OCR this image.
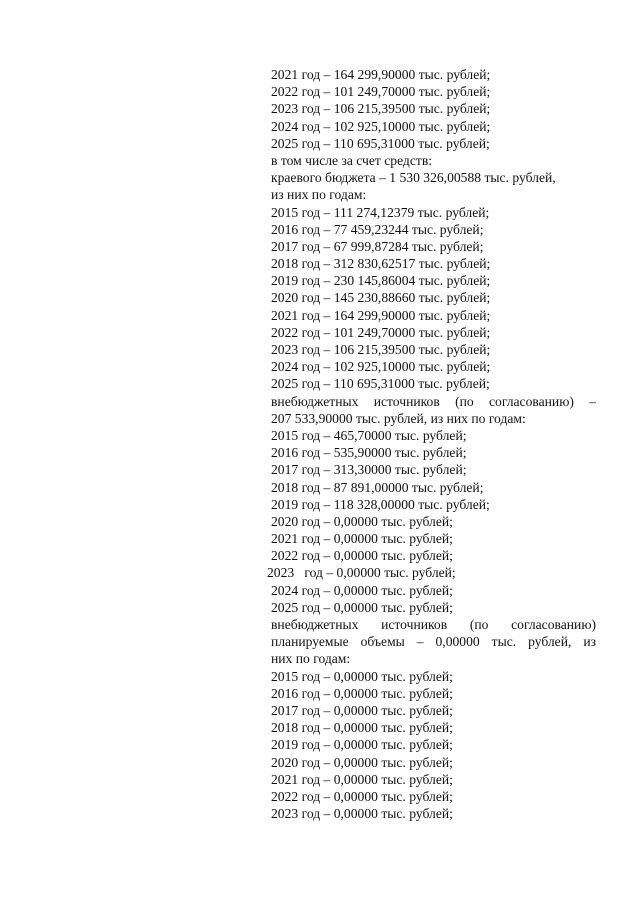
2021 год – 164 299,90000 тыс. рублей;
2022 год – 101 249,70000 тыс. рублей;
2023 год – 106 215,39500 тыс. рублей;
2024 год – 102 925,10000 тыс. рублей;
2025 год – 110 695,31000 тыс. рублей;
в том числе за счет средств:
краевого бюджета – 1 530 326,00588 тыс. рублей,
из них по годам:
2015 год – 111 274,12379 тыс. рублей;
2016 год – 77 459,23244 тыс. рублей;
2017 год – 67 999,87284 тыс. рублей;
2018 год – 312 830,62517 тыс. рублей;
2019 год – 230 145,86004 тыс. рублей;
2020 год – 145 230,88660 тыс. рублей;
2021 год – 164 299,90000 тыс. рублей;
2022 год – 101 249,70000 тыс. рублей;
2023 год – 106 215,39500 тыс. рублей;
2024 год – 102 925,10000 тыс. рублей;
2025 год – 110 695,31000 тыс. рублей;
внебюджетных источников (по согласованию) –
207 533,90000 тыс. рублей, из них по годам:
2015 год – 465,70000 тыс. рублей;
2016 год – 535,90000 тыс. рублей;
2017 год – 313,30000 тыс. рублей;
2018 год – 87 891,00000 тыс. рублей;
2019 год – 118 328,00000 тыс. рублей;
2020 год – 0,00000 тыс. рублей;
2021 год – 0,00000 тыс. рублей;
2022 год – 0,00000 тыс. рублей;
2023   год – 0,00000 тыс. рублей;
2024 год – 0,00000 тыс. рублей;
2025 год – 0,00000 тыс. рублей;
внебюджетных источников (по согласованию)
планируемые объемы – 0,00000 тыс. рублей, из
них по годам:
2015 год – 0,00000 тыс. рублей;
2016 год – 0,00000 тыс. рублей;
2017 год – 0,00000 тыс. рублей;
2018 год – 0,00000 тыс. рублей;
2019 год – 0,00000 тыс. рублей;
2020 год – 0,00000 тыс. рублей;
2021 год – 0,00000 тыс. рублей;
2022 год – 0,00000 тыс. рублей;
2023 год – 0,00000 тыс. рублей;
